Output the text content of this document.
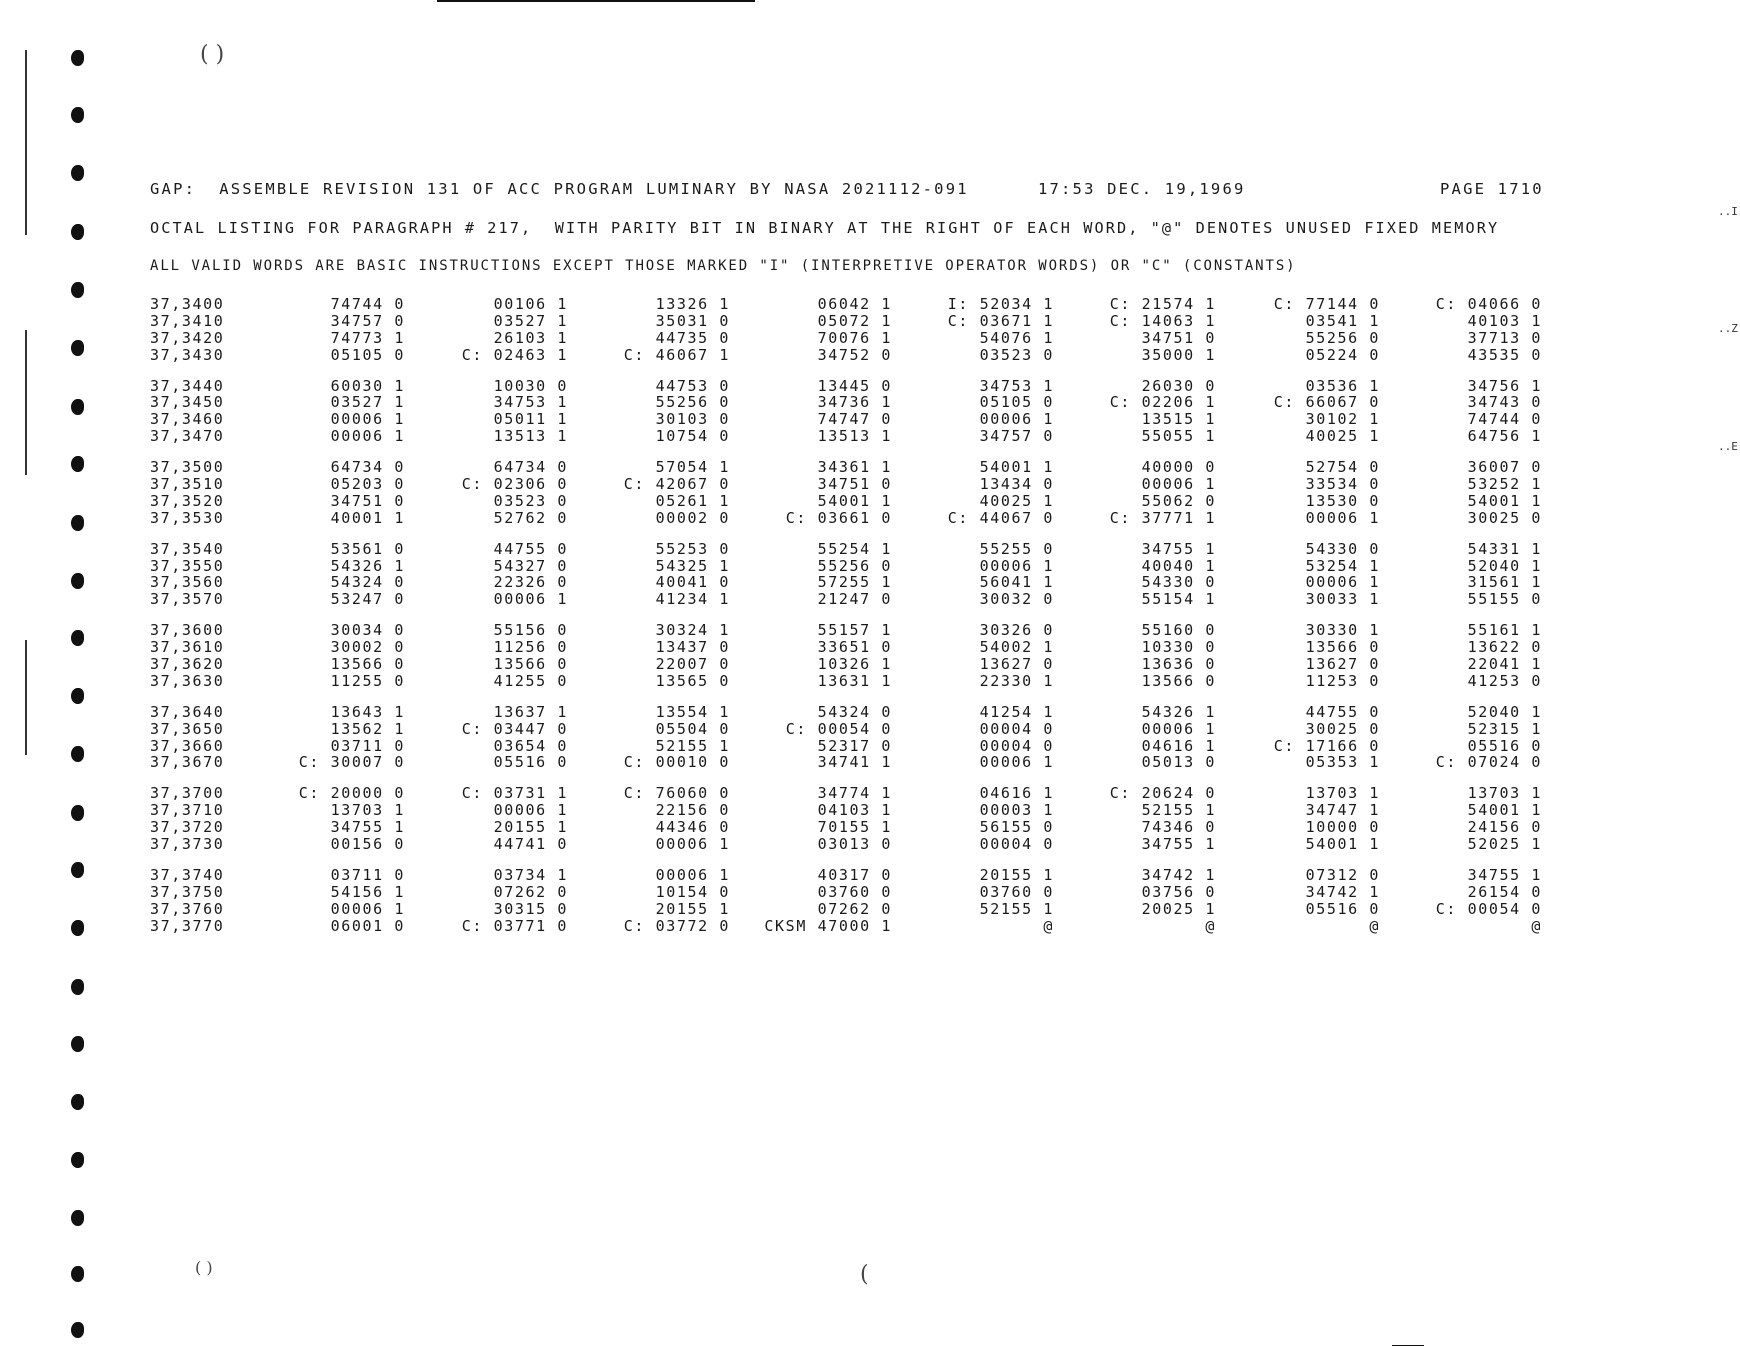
( )
(
( )
..I
..Z
..E
GAP:  ASSEMBLE REVISION 131 OF ACC PROGRAM LUMINARY BY NASA 2021112-091      17:53 DEC. 19,1969	PAGE 1710
OCTAL LISTING FOR PARAGRAPH # 217,  WITH PARITY BIT IN BINARY AT THE RIGHT OF EACH WORD, "@" DENOTES UNUSED FIXED MEMORY
ALL VALID WORDS ARE BASIC INSTRUCTIONS EXCEPT THOSE MARKED "I" (INTERPRETIVE OPERATOR WORDS) OR "C" (CONSTANTS)
37,3400	74744 0	00106 1	13326 1	06042 1	I: 52034 1	C: 21574 1	C: 77144 0	C: 04066 0
37,3410	34757 0	03527 1	35031 0	05072 1	C: 03671 1	C: 14063 1	03541 1	40103 1
37,3420	74773 1	26103 1	44735 0	70076 1	54076 1	34751 0	55256 0	37713 0
37,3430	05105 0	C: 02463 1	C: 46067 1	34752 0	03523 0	35000 1	05224 0	43535 0
37,3440	60030 1	10030 0	44753 0	13445 0	34753 1	26030 0	03536 1	34756 1
37,3450	03527 1	34753 1	55256 0	34736 1	05105 0	C: 02206 1	C: 66067 0	34743 0
37,3460	00006 1	05011 1	30103 0	74747 0	00006 1	13515 1	30102 1	74744 0
37,3470	00006 1	13513 1	10754 0	13513 1	34757 0	55055 1	40025 1	64756 1
37,3500	64734 0	64734 0	57054 1	34361 1	54001 1	40000 0	52754 0	36007 0
37,3510	05203 0	C: 02306 0	C: 42067 0	34751 0	13434 0	00006 1	33534 0	53252 1
37,3520	34751 0	03523 0	05261 1	54001 1	40025 1	55062 0	13530 0	54001 1
37,3530	40001 1	52762 0	00002 0	C: 03661 0	C: 44067 0	C: 37771 1	00006 1	30025 0
37,3540	53561 0	44755 0	55253 0	55254 1	55255 0	34755 1	54330 0	54331 1
37,3550	54326 1	54327 0	54325 1	55256 0	00006 1	40040 1	53254 1	52040 1
37,3560	54324 0	22326 0	40041 0	57255 1	56041 1	54330 0	00006 1	31561 1
37,3570	53247 0	00006 1	41234 1	21247 0	30032 0	55154 1	30033 1	55155 0
37,3600	30034 0	55156 0	30324 1	55157 1	30326 0	55160 0	30330 1	55161 1
37,3610	30002 0	11256 0	13437 0	33651 0	54002 1	10330 0	13566 0	13622 0
37,3620	13566 0	13566 0	22007 0	10326 1	13627 0	13636 0	13627 0	22041 1
37,3630	11255 0	41255 0	13565 0	13631 1	22330 1	13566 0	11253 0	41253 0
37,3640	13643 1	13637 1	13554 1	54324 0	41254 1	54326 1	44755 0	52040 1
37,3650	13562 1	C: 03447 0	05504 0	C: 00054 0	00004 0	00006 1	30025 0	52315 1
37,3660	03711 0	03654 0	52155 1	52317 0	00004 0	04616 1	C: 17166 0	05516 0
37,3670	C: 30007 0	05516 0	C: 00010 0	34741 1	00006 1	05013 0	05353 1	C: 07024 0
37,3700	C: 20000 0	C: 03731 1	C: 76060 0	34774 1	04616 1	C: 20624 0	13703 1	13703 1
37,3710	13703 1	00006 1	22156 0	04103 1	00003 1	52155 1	34747 1	54001 1
37,3720	34755 1	20155 1	44346 0	70155 1	56155 0	74346 0	10000 0	24156 0
37,3730	00156 0	44741 0	00006 1	03013 0	00004 0	34755 1	54001 1	52025 1
37,3740	03711 0	03734 1	00006 1	40317 0	20155 1	34742 1	07312 0	34755 1
37,3750	54156 1	07262 0	10154 0	03760 0	03760 0	03756 0	34742 1	26154 0
37,3760	00006 1	30315 0	20155 1	07262 0	52155 1	20025 1	05516 0	C: 00054 0
37,3770	06001 0	C: 03771 0	C: 03772 0	CKSM 47000 1	@	@	@	@
